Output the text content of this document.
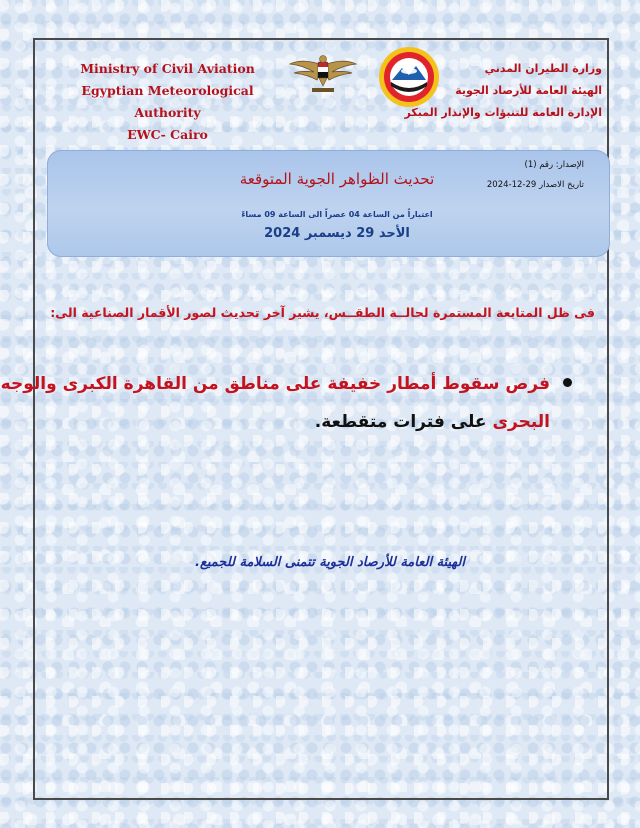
Ministry of Civil Aviation
Egyptian Meteorological Authority
EWC- Cairo
وزارة الطيران المدني
الهيئة العامة للأرصاد الجوية
الإدارة العامة للتنبؤات والإنذار المبكر
الإصدار: رقم (1)
تاريخ الاصدار 29-12-2024
تحديث الظواهر الجوية المتوقعة
اعتباراً من الساعة 04 عصراً الى الساعة 09 مساءً
الأحد 29 ديسمبر 2024
فى ظل المتابعة المستمرة لحالــة الطقــس، يشير آخر تحديث لصور الأقمار الصناعية الى:
فرص سقوط أمطار خفيفة على مناطق من القاهرة الكبرى والوجه
البحرى على فترات متقطعة.
الهيئة العامة للأرصاد الجوية تتمنى السلامة للجميع.
